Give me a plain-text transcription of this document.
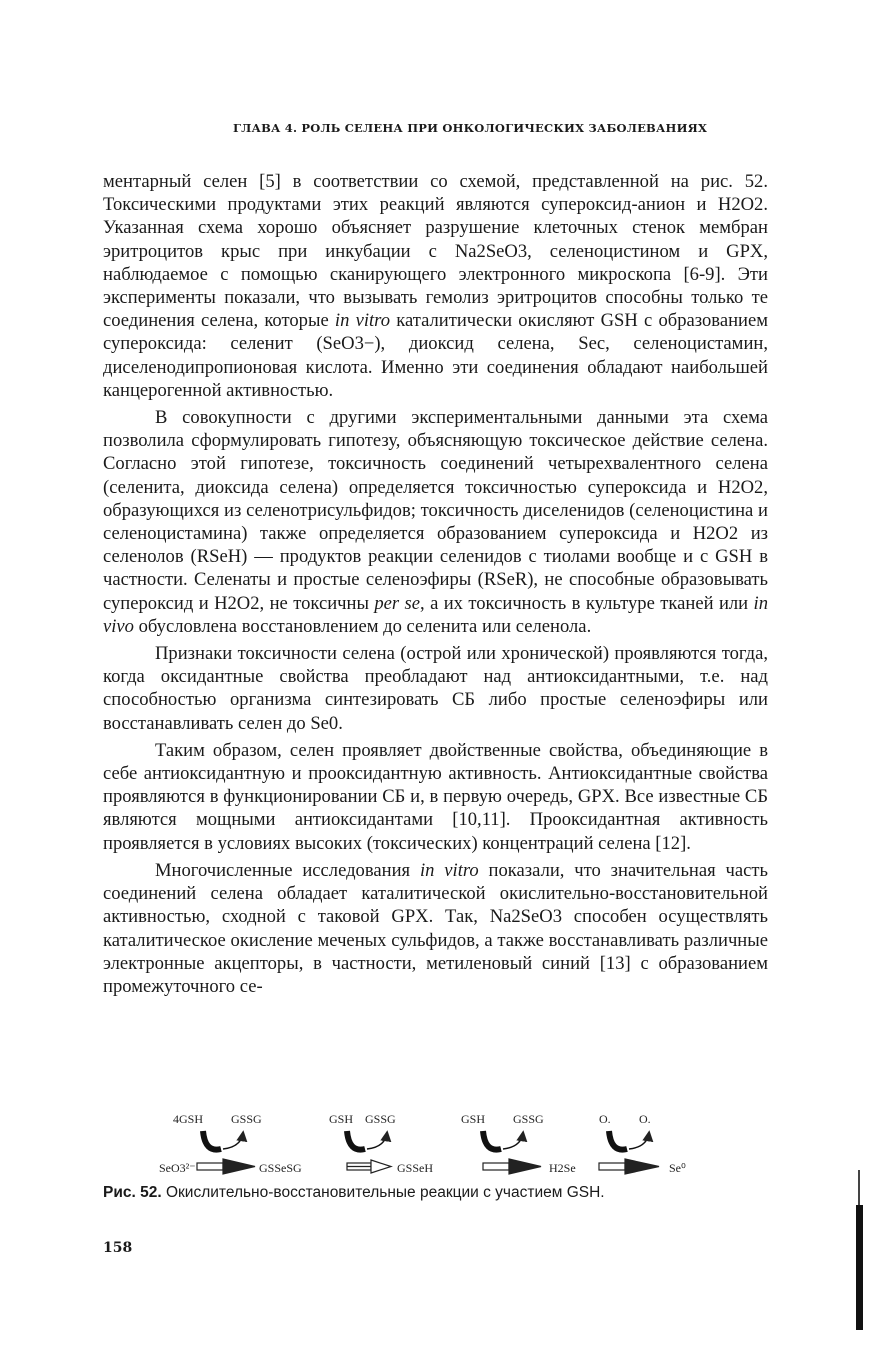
ГЛАВА 4. РОЛЬ СЕЛЕНА ПРИ ОНКОЛОГИЧЕСКИХ ЗАБОЛЕВАНИЯХ

ментарный селен [5] в соответствии со схемой, представленной на рис. 52. Токсическими продуктами этих реакций являются супероксид-анион и H2O2. Указанная схема хорошо объясняет разрушение клеточных стенок мембран эритроцитов крыс при инкубации с Na2SeO3, селеноцистином и GPX, наблюдаемое с помощью сканирующего электронного микроскопа [6-9]. Эти эксперименты показали, что вызывать гемолиз эритроцитов способны только те соединения селена, которые in vitro каталитически окисляют GSH с образованием супероксида: селенит (SeO3−), диоксид селена, Sec, селеноцистамин, диселенодипропионовая кислота. Именно эти соединения обладают наибольшей канцерогенной активностью.

В совокупности с другими экспериментальными данными эта схема позволила сформулировать гипотезу, объясняющую токсическое действие селена. Согласно этой гипотезе, токсичность соединений четырехвалентного селена (селенита, диоксида селена) определяется токсичностью супероксида и H2O2, образующихся из селенотрисульфидов; токсичность диселенидов (селеноцистина и селеноцистамина) также определяется образованием супероксида и H2O2 из селенолов (RSeH) — продуктов реакции селенидов с тиолами вообще и с GSH в частности. Селенаты и простые селеноэфиры (RSeR), не способные образовывать супероксид и H2O2, не токсичны per se, а их токсичность в культуре тканей или in vivo обусловлена восстановлением до селенита или селенола.

Признаки токсичности селена (острой или хронической) проявляются тогда, когда оксидантные свойства преобладают над антиоксидантными, т.е. над способностью организма синтезировать СБ либо простые селеноэфиры или восстанавливать селен до Se0.

Таким образом, селен проявляет двойственные свойства, объединяющие в себе антиоксидантную и прооксидантную активность. Антиоксидантные свойства проявляются в функционировании СБ и, в первую очередь, GPX. Все известные СБ являются мощными антиоксидантами [10,11]. Прооксидантная активность проявляется в условиях высоких (токсических) концентраций селена [12].

Многочисленные исследования in vitro показали, что значительная часть соединений селена обладает каталитической окислительно-восстановительной активностью, сходной с таковой GPX. Так, Na2SeO3 способен осуществлять каталитическое окисление меченых сульфидов, а также восстанавливать различные электронные акцепторы, в частности, метиленовый синий [13] с образованием промежуточного се-

4GSH GSSG	GSH GSSG	GSH GSSG	O. O.
SeO3²⁻	GSSeSG	GSSeH	H2Se	Se⁰
Рис. 52. Окислительно-восстановительные реакции с участием GSH.
158
